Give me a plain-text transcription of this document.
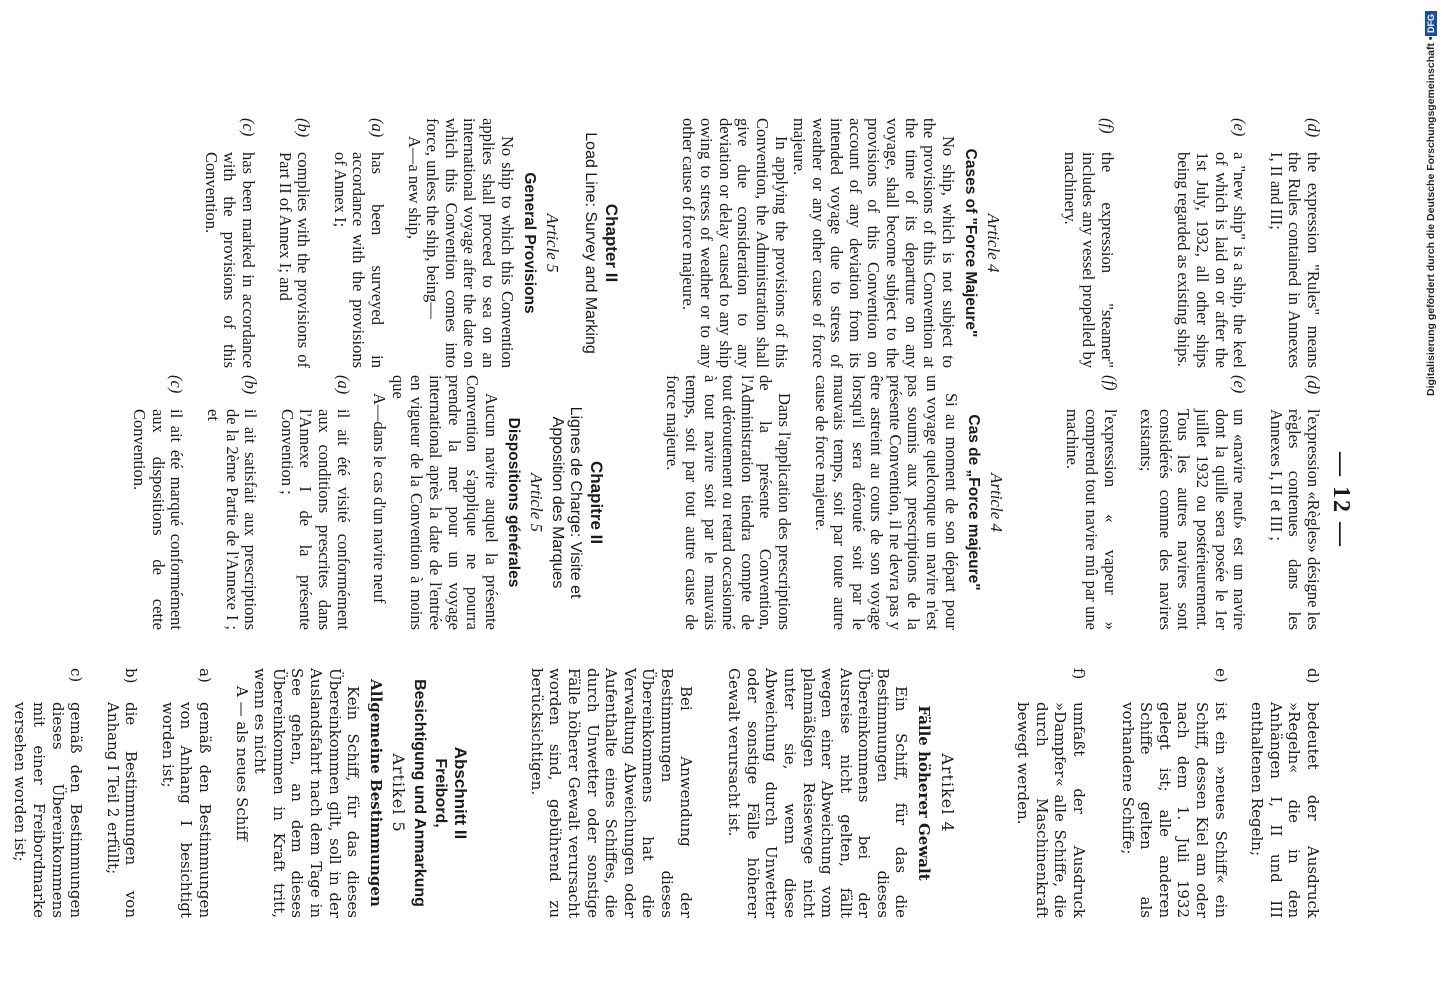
— 12 —

(d)
the expression "Rules" means the Rules contained in Annexes I, II and III;

(e)
a "new ship" is a ship, the keel of which is laid on or after the 1st July, 1932, all other ships being regarded as existing ships.

(f)
the expression "steamer" includes any vessel propelled by machinery.

Article 4

Cases of "Force Majeure"

No ship, which is not subject to the provisions of this Convention at the time of its departure on any voyage, shall become subject to the provisions of this Convention on account of any deviation from its intended voyage due to stress of weather or any other cause of force majeure.

In applying the provisions of this Convention, the Administration shall give due consideration to any deviation or delay caused to any ship owing to stress of weather or to any other cause of force majeure.

Chapter II

Load Line: Survey and Marking

Article 5

General Provisions

No ship to which this Convention applies shall proceed to sea on an international voyage after the date on which this Convention comes into force, unless the ship, being—

A—a new ship,

(a)
has been surveyed in accordance with the provisions of Annex I;

(b)
complies with the provisions of Part II of Annex I; and

(c)
has been marked in accordance with the provisions of this Convention.

(d)
l'expression «Règles» désigne les règles contenues dans les Annexes I, II et III ;

(e)
un «navire neuf» est un navire dont la quille sera posée le 1er juillet 1932 ou postérieurement. Tous les autres navires sont considérés comme des navires existants;

(f)
l'expression « vapeur » comprend tout navire mû par une machine.

Article 4

Cas de „Force majeure"

Si au moment de son départ pour un voyage quelconque un navire n'est pas soumis aux prescriptions de la présente Convention, il ne devra pas y être astreint au cours de son voyage lorsqu'il sera dérouté soit par le mauvais temps, soit par toute autre cause de force majeure.

Dans l'application des prescriptions de la présente Convention, l'Administration tiendra compte de tout déroutement ou retard occasionné à tout navire soit par le mauvais temps, soit par tout autre cause de force majeure.

Chapitre II

Lignes de Charge: Visite et Apposition des Marques

Article 5

Dispositions générales

Aucun navire auquel la présente Convention s'applique ne pourra prendre la mer pour un voyage international après la date de l'entrée en vigueur de la Convention à moins que

A—dans le cas d'un navire neuf

(a)
il ait été visité conformément aux conditions prescrites dans l'Annexe I de la présente Convention ;

(b)
il ait satisfait aux prescriptions de la 2ème Partie de l'Annexe I ; et

(c)
il ait été marqué conformément aux dispositions de cette Convention.

d)
bedeutet der Ausdruck »Regeln« die in den Anhängen I, II und III enthaltenen Regeln;

e)
ist ein »neues Schiff« ein Schiff, dessen Kiel am oder nach dem 1. Juli 1932 gelegt ist; alle anderen Schiffe gelten als vorhandene Schiffe;

f)
umfaßt der Ausdruck »Dampfer« alle Schiffe, die durch Maschinenkraft bewegt werden.

Artikel 4

Fälle höherer Gewalt

Ein Schiff, für das die Bestimmungen dieses Übereinkommens bei der Ausreise nicht gelten, fällt wegen einer Abweichung vom planmäßigen Reisewege nicht unter sie, wenn diese Abweichung durch Unwetter oder sonstige Fälle höherer Gewalt verursacht ist.

Bei Anwendung der Bestimmungen dieses Übereinkommens hat die Verwaltung Abweichungen oder Aufenthalte eines Schiffes, die durch Unwetter oder sonstige Fälle höherer Gewalt verursacht worden sind, gebührend zu berücksichtigen.

Abschnitt II

Freibord,

Besichtigung und Anmarkung

Artikel 5

Allgemeine Bestimmungen

Kein Schiff, für das dieses Übereinkommen gilt, soll in der Auslandsfahrt nach dem Tage in See gehen, an dem dieses Übereinkommen in Kraft tritt, wenn es nicht

A — als neues Schiff

a)
gemäß den Bestimmungen von Anhang I besichtigt worden ist;

b)
die Bestimmungen von Anhang I Teil 2 erfüllt;

c)
gemäß den Bestimmungen dieses Übereinkommens mit einer Freibordmarke versehen worden ist;

Digitalisierung gefördert durch die Deutsche Forschungsgemeinschaft •
DFG
